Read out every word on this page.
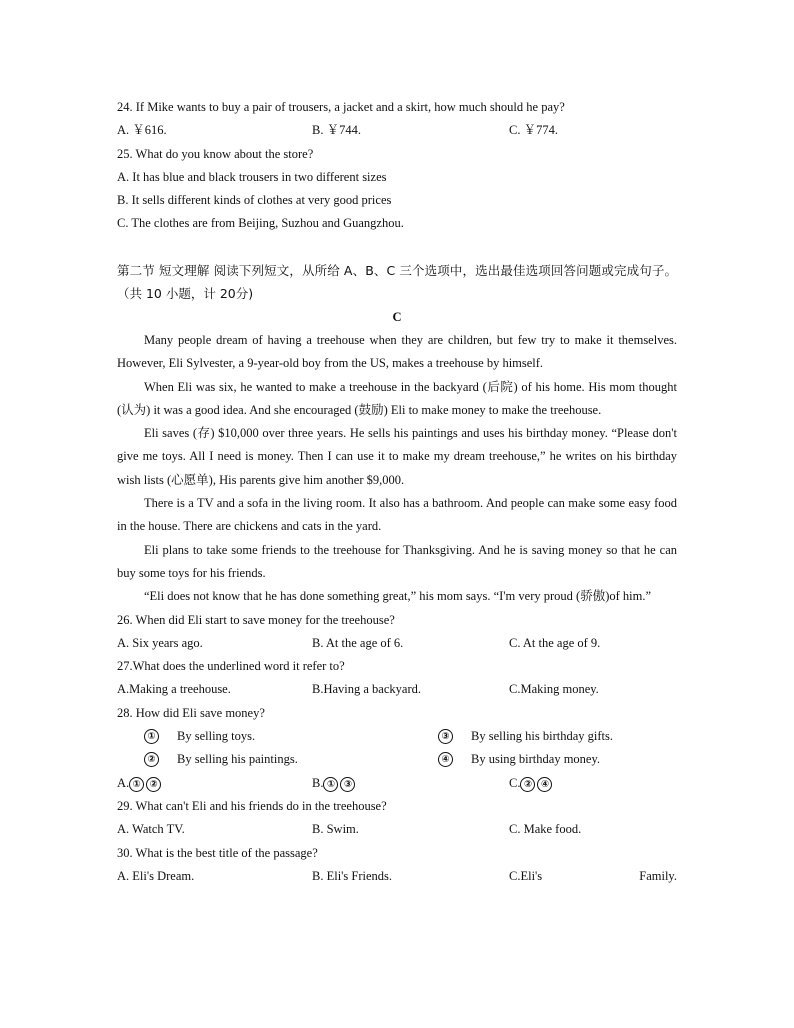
24. If Mike wants to buy a pair of trousers, a jacket and a skirt, how much should he pay?
A. ￥616.	B. ￥744.	C. ￥774.
25. What do you know about the store?
A. It has blue and black trousers in two different sizes
B. It sells different kinds of clothes at very good prices
C. The clothes are from Beijing, Suzhou and Guangzhou.
第二节 短文理解 阅读下列短文，从所给 A、B、C 三个选项中，选出最佳选项回答问题或完成句子。（共 10 小题，计 20分)
C

Many people dream of having a treehouse when they are children, but few try to make it themselves. However, Eli Sylvester, a 9-year-old boy from the US, makes a treehouse by himself.

When Eli was six, he wanted to make a treehouse in the backyard (后院) of his home. His mom thought (认为) it was a good idea. And she encouraged (鼓励) Eli to make money to make the treehouse.

Eli saves (存) $10,000 over three years. He sells his paintings and uses his birthday money. “Please don't give me toys. All I need is money. Then I can use it to make my dream treehouse,” he writes on his birthday wish lists (心愿单), His parents give him another $9,000.

There is a TV and a sofa in the living room. It also has a bathroom. And people can make some easy food in the house. There are chickens and cats in the yard.

Eli plans to take some friends to the treehouse for Thanksgiving. And he is saving money so that he can buy some toys for his friends.

“Eli does not know that he has done something great,” his mom says. “I'm very proud (骄傲)of him.”

26. When did Eli start to save money for the treehouse?
A. Six years ago.	B. At the age of 6.	C. At the age of 9.
27.What does the underlined word it refer to?
A.Making a treehouse.	B.Having a backyard.	C.Making money.
28. How did Eli save money?
① By selling toys.	③ By selling his birthday gifts.
② By selling his paintings.	④ By using birthday money.
A. ① ②	B. ① ③	C. ② ④
29. What can't Eli and his friends do in the treehouse?
A. Watch TV.	B. Swim.	C. Make food.
30. What is the best title of the passage?
A. Eli's Dream.	B. Eli's Friends.	C.Eli's	Family.
